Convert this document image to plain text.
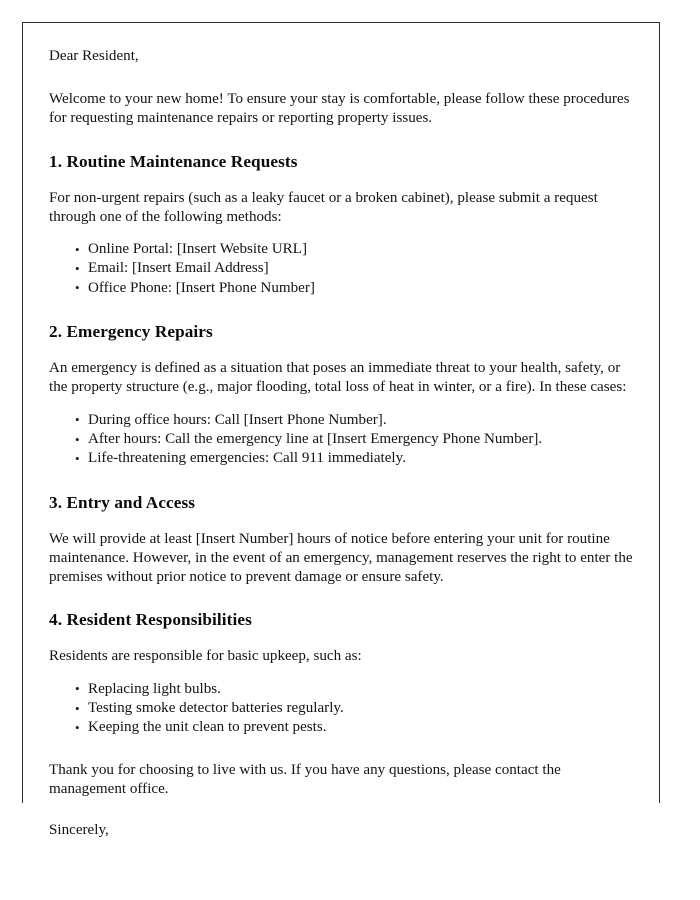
Dear Resident,

Welcome to your new home! To ensure your stay is comfortable, please follow these procedures for requesting maintenance repairs or reporting property issues.

1. Routine Maintenance Requests

For non-urgent repairs (such as a leaky faucet or a broken cabinet), please submit a request through one of the following methods:

• Online Portal: [Insert Website URL]
• Email: [Insert Email Address]
• Office Phone: [Insert Phone Number]
2. Emergency Repairs

An emergency is defined as a situation that poses an immediate threat to your health, safety, or the property structure (e.g., major flooding, total loss of heat in winter, or a fire). In these cases:

• During office hours: Call [Insert Phone Number].
• After hours: Call the emergency line at [Insert Emergency Phone Number].
• Life-threatening emergencies: Call 911 immediately.
3. Entry and Access

We will provide at least [Insert Number] hours of notice before entering your unit for routine maintenance. However, in the event of an emergency, management reserves the right to enter the premises without prior notice to prevent damage or ensure safety.

4. Resident Responsibilities

Residents are responsible for basic upkeep, such as:

• Replacing light bulbs.
• Testing smoke detector batteries regularly.
• Keeping the unit clean to prevent pests.

Thank you for choosing to live with us. If you have any questions, please contact the management office.

Sincerely,
